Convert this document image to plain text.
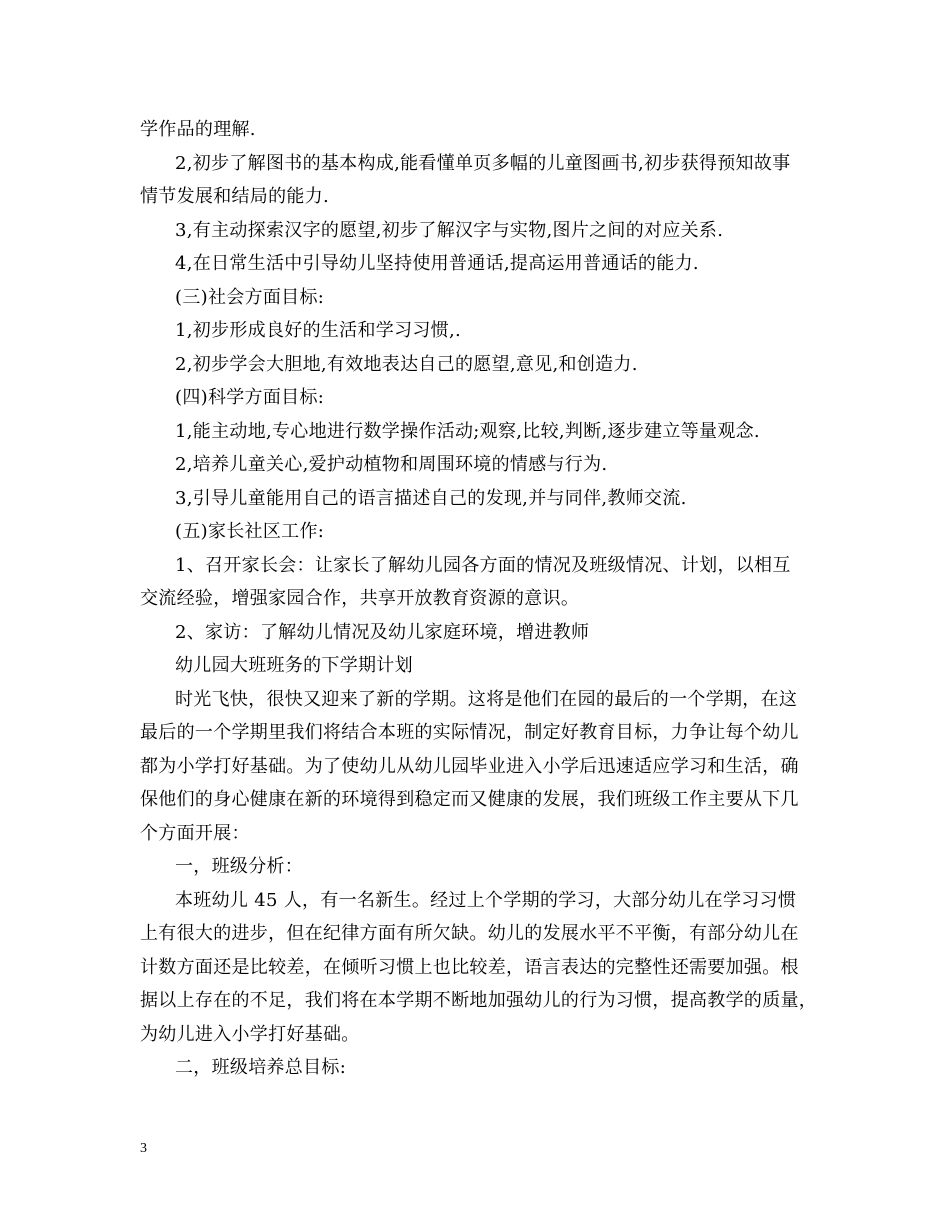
学作品的理解.
2,初步了解图书的基本构成,能看懂单页多幅的儿童图画书,初步获得预知故事
情节发展和结局的能力.
3,有主动探索汉字的愿望,初步了解汉字与实物,图片之间的对应关系.
4,在日常生活中引导幼儿坚持使用普通话,提高运用普通话的能力.
(三)社会方面目标:
1,初步形成良好的生活和学习习惯,.
2,初步学会大胆地,有效地表达自己的愿望,意见,和创造力.
(四)科学方面目标:
1,能主动地,专心地进行数学操作活动;观察,比较,判断,逐步建立等量观念.
2,培养儿童关心,爱护动植物和周围环境的情感与行为.
3,引导儿童能用自己的语言描述自己的发现,并与同伴,教师交流.
(五)家长社区工作:
1、召开家长会：让家长了解幼儿园各方面的情况及班级情况、计划，以相互
交流经验，增强家园合作，共享开放教育资源的意识。
2、家访：了解幼儿情况及幼儿家庭环境，增进教师
幼儿园大班班务的下学期计划
时光飞快，很快又迎来了新的学期。这将是他们在园的最后的一个学期，在这
最后的一个学期里我们将结合本班的实际情况，制定好教育目标，力争让每个幼儿
都为小学打好基础。为了使幼儿从幼儿园毕业进入小学后迅速适应学习和生活，确
保他们的身心健康在新的环境得到稳定而又健康的发展，我们班级工作主要从下几
个方面开展：
一，班级分析：
本班幼儿 45 人，有一名新生。经过上个学期的学习，大部分幼儿在学习习惯
上有很大的进步，但在纪律方面有所欠缺。幼儿的发展水平不平衡，有部分幼儿在
计数方面还是比较差，在倾听习惯上也比较差，语言表达的完整性还需要加强。根
据以上存在的不足，我们将在本学期不断地加强幼儿的行为习惯，提高教学的质量，
为幼儿进入小学打好基础。
二，班级培养总目标:
3
